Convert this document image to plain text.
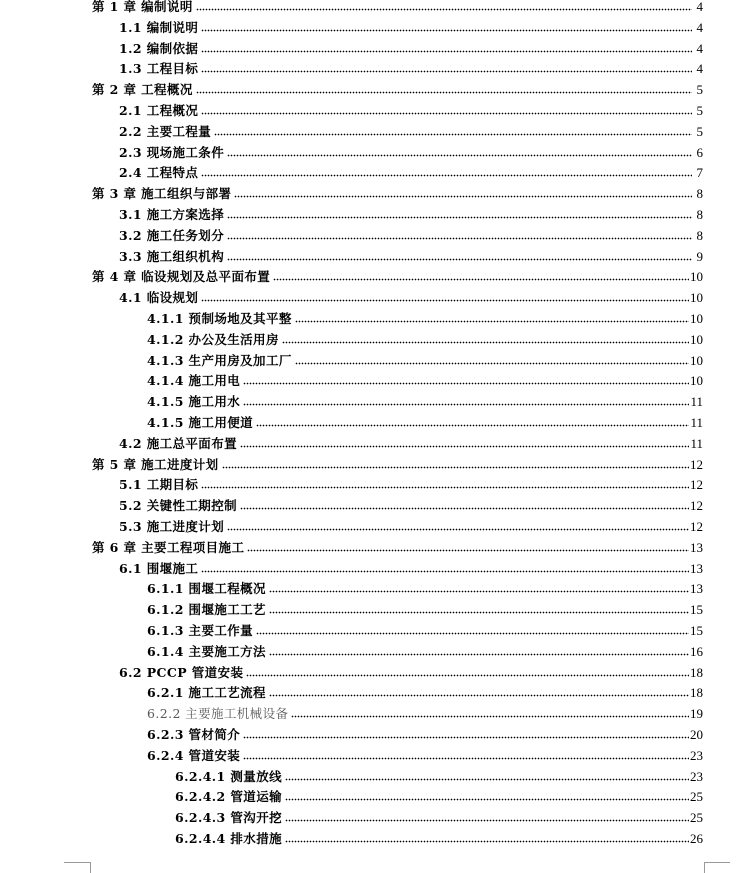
第 1 章 编制说明	4
1.1 编制说明	4
1.2 编制依据	4
1.3 工程目标	4
第 2 章 工程概况	5
2.1 工程概况	5
2.2 主要工程量	5
2.3 现场施工条件	6
2.4 工程特点	7
第 3 章 施工组织与部署	8
3.1 施工方案选择	8
3.2 施工任务划分	8
3.3 施工组织机构	9
第 4 章 临设规划及总平面布置	10
4.1 临设规划	10
4.1.1 预制场地及其平整	10
4.1.2 办公及生活用房	10
4.1.3 生产用房及加工厂	10
4.1.4 施工用电	10
4.1.5 施工用水	11
4.1.5 施工用便道	11
4.2 施工总平面布置	11
第 5 章 施工进度计划	12
5.1 工期目标	12
5.2 关键性工期控制	12
5.3 施工进度计划	12
第 6 章 主要工程项目施工	13
6.1 围堰施工	13
6.1.1 围堰工程概况	13
6.1.2 围堰施工工艺	15
6.1.3 主要工作量	15
6.1.4 主要施工方法	16
6.2 PCCP 管道安装	18
6.2.1 施工工艺流程	18
6.2.2 主要施工机械设备	19
6.2.3 管材简介	20
6.2.4 管道安装	23
6.2.4.1 测量放线	23
6.2.4.2 管道运输	25
6.2.4.3 管沟开挖	25
6.2.4.4 排水措施	26
